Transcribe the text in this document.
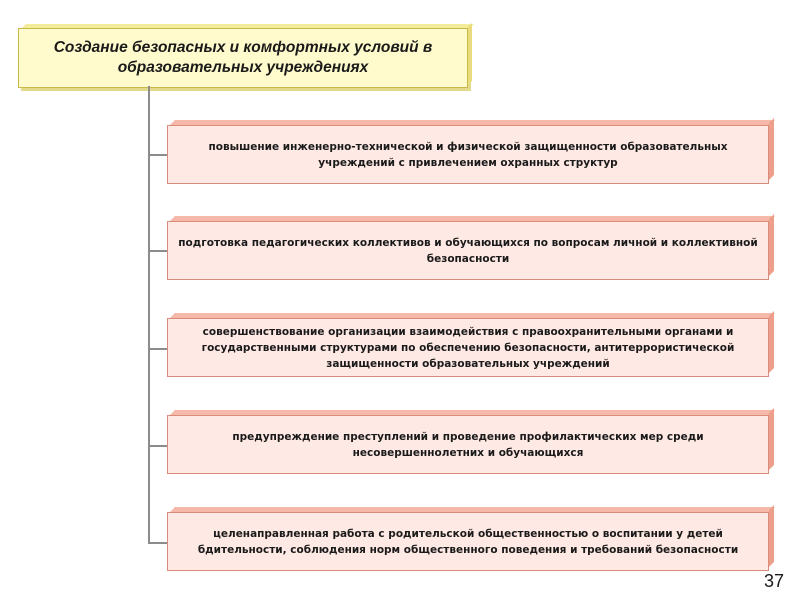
Создание безопасных и комфортных условий в образовательных учреждениях
повышение инженерно-технической и физической защищенности образовательных учреждений с привлечением охранных структур
подготовка педагогических коллективов и обучающихся по вопросам личной и коллективной безопасности
совершенствование организации взаимодействия с правоохранительными органами и государственными структурами по обеспечению безопасности, антитеррористической защищенности образовательных учреждений
предупреждение преступлений и проведение профилактических мер среди несовершеннолетних и обучающихся
целенаправленная работа с родительской общественностью о воспитании у детей бдительности, соблюдения норм общественного поведения и требований безопасности
37
